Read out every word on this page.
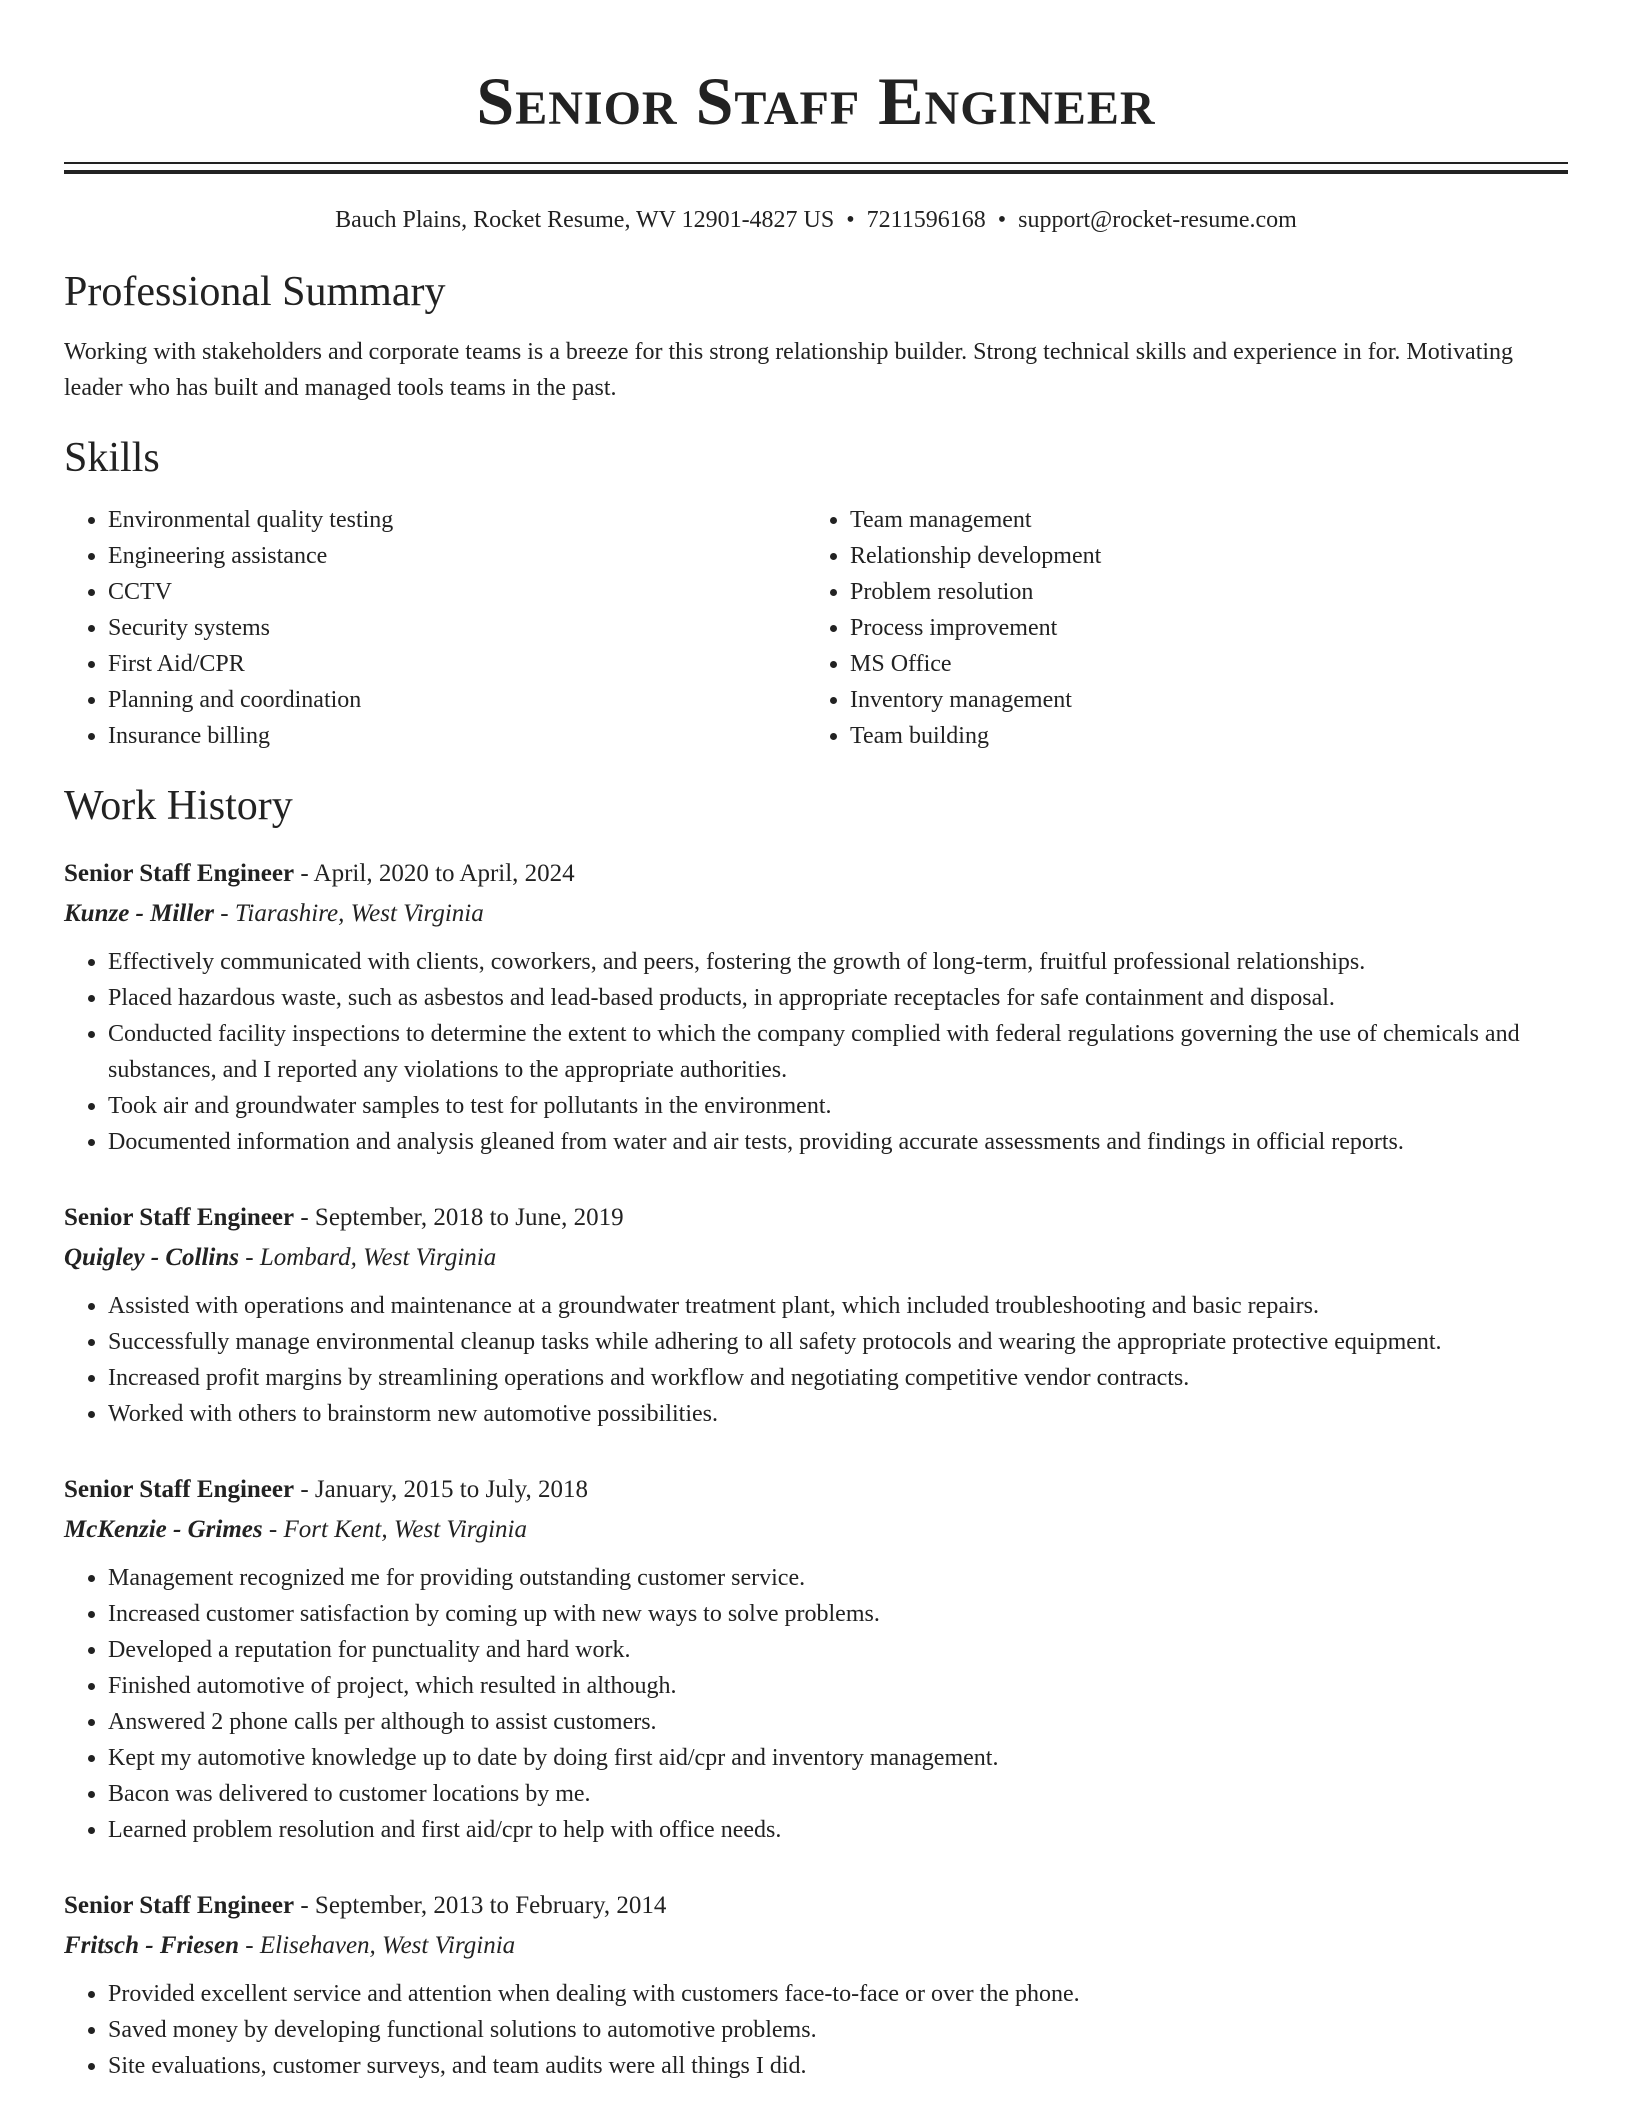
Senior Staff Engineer
Bauch Plains, Rocket Resume, WV 12901-4827 US • 7211596168 • support@rocket-resume.com
Professional Summary
Working with stakeholders and corporate teams is a breeze for this strong relationship builder. Strong technical skills and experience in for. Motivating leader who has built and managed tools teams in the past.
Skills
• Environmental quality testing
• Engineering assistance
• CCTV
• Security systems
• First Aid/CPR
• Planning and coordination
• Insurance billing
• Team management
• Relationship development
• Problem resolution
• Process improvement
• MS Office
• Inventory management
• Team building
Work History
Senior Staff Engineer - April, 2020 to April, 2024
Kunze - Miller - Tiarashire, West Virginia
• Effectively communicated with clients, coworkers, and peers, fostering the growth of long-term, fruitful professional relationships.
• Placed hazardous waste, such as asbestos and lead-based products, in appropriate receptacles for safe containment and disposal.
• Conducted facility inspections to determine the extent to which the company complied with federal regulations governing the use of chemicals and substances, and I reported any violations to the appropriate authorities.
• Took air and groundwater samples to test for pollutants in the environment.
• Documented information and analysis gleaned from water and air tests, providing accurate assessments and findings in official reports.
Senior Staff Engineer - September, 2018 to June, 2019
Quigley - Collins - Lombard, West Virginia
• Assisted with operations and maintenance at a groundwater treatment plant, which included troubleshooting and basic repairs.
• Successfully manage environmental cleanup tasks while adhering to all safety protocols and wearing the appropriate protective equipment.
• Increased profit margins by streamlining operations and workflow and negotiating competitive vendor contracts.
• Worked with others to brainstorm new automotive possibilities.
Senior Staff Engineer - January, 2015 to July, 2018
McKenzie - Grimes - Fort Kent, West Virginia
• Management recognized me for providing outstanding customer service.
• Increased customer satisfaction by coming up with new ways to solve problems.
• Developed a reputation for punctuality and hard work.
• Finished automotive of project, which resulted in although.
• Answered 2 phone calls per although to assist customers.
• Kept my automotive knowledge up to date by doing first aid/cpr and inventory management.
• Bacon was delivered to customer locations by me.
• Learned problem resolution and first aid/cpr to help with office needs.
Senior Staff Engineer - September, 2013 to February, 2014
Fritsch - Friesen - Elisehaven, West Virginia
• Provided excellent service and attention when dealing with customers face-to-face or over the phone.
• Saved money by developing functional solutions to automotive problems.
• Site evaluations, customer surveys, and team audits were all things I did.
